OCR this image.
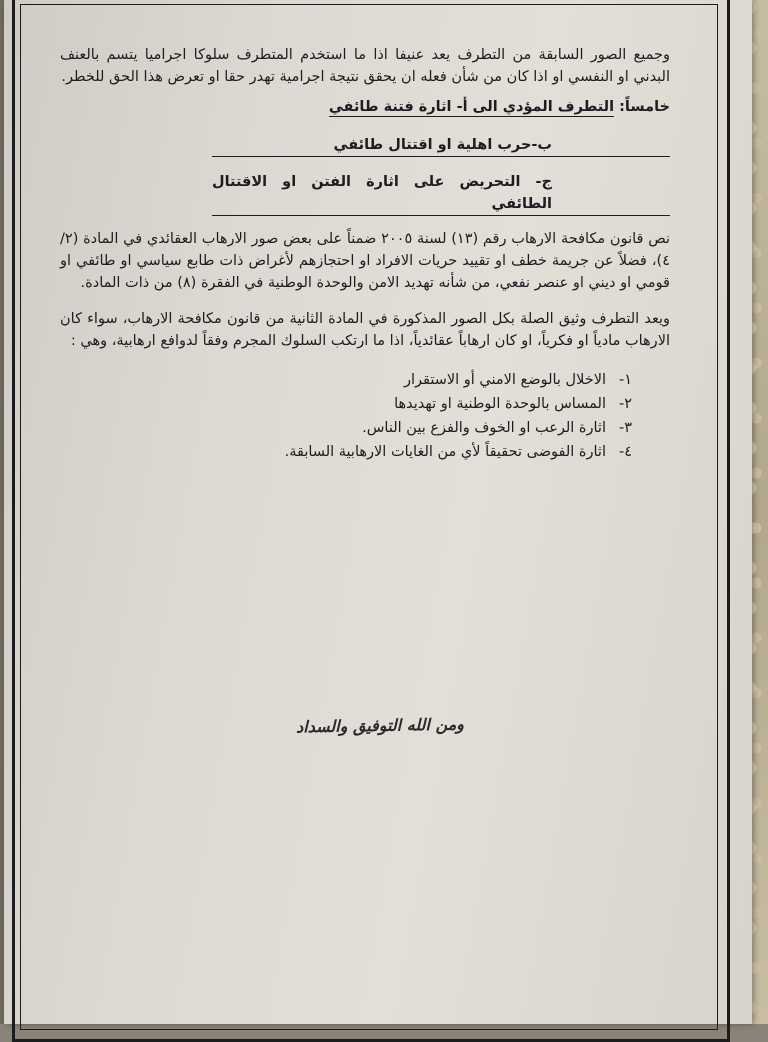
وجميع الصور السابقة من التطرف يعد عنيفا اذا ما استخدم المتطرف سلوكا اجراميا يتسم بالعنف البدني او النفسي او اذا كان من شأن فعله ان يحقق نتيجة اجرامية تهدر حقا او تعرض هذا الحق للخطر.

خامساً: التطرف المؤدي الى أ- اثارة فتنة طائفي

ب-حرب اهلية او اقتتال طائفي

ج- التحريض على اثارة الفتن او الاقتتال الطائفي

نص قانون مكافحة الارهاب رقم (١٣) لسنة ٢٠٠٥ ضمناً على بعض صور الارهاب العقائدي في المادة (٢/ ٤)، فضلاً عن جريمة خطف او تقييد حريات الافراد او احتجازهم لأغراض ذات طابع سياسي او طائفي او قومي او ديني او عنصر نفعي، من شأنه تهديد الامن والوحدة الوطنية في الفقرة (٨) من ذات المادة.

ويعد التطرف وثيق الصلة بكل الصور المذكورة في المادة الثانية من قانون مكافحة الارهاب، سواء كان الارهاب مادياً او فكرياً، او كان ارهاباً عقائدياً، اذا ما ارتكب السلوك المجرم وفقاً لدوافع ارهابية، وهي :

١-الاخلال بالوضع الامني أو الاستقرار
٢-المساس بالوحدة الوطنية او تهديدها
٣-اثارة الرعب او الخوف والفزع بين الناس.
٤-اثارة الفوضى تحقيقاً لأي من الغايات الارهابية السابقة.
ومن الله التوفيق والسداد
